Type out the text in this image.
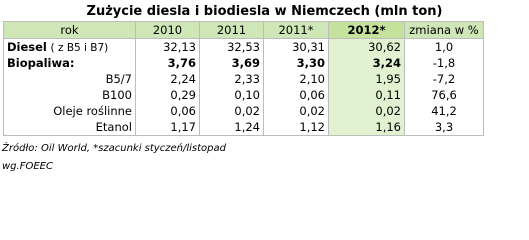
Zużycie diesla i biodiesla w Niemczech (mln ton)
rok	2010	2011	2011*	2012*	zmiana w %
Diesel ( z B5 i B7)	32,13	32,53	30,31	30,62	1,0
Biopaliwa:	3,76	3,69	3,30	3,24	-1,8
B5/7	2,24	2,33	2,10	1,95	-7,2
B100	0,29	0,10	0,06	0,11	76,6
Oleje roślinne	0,06	0,02	0,02	0,02	41,2
Etanol	1,17	1,24	1,12	1,16	3,3
Źródło: Oil World, *szacunki styczeń/listopad
wg.FOEEC
